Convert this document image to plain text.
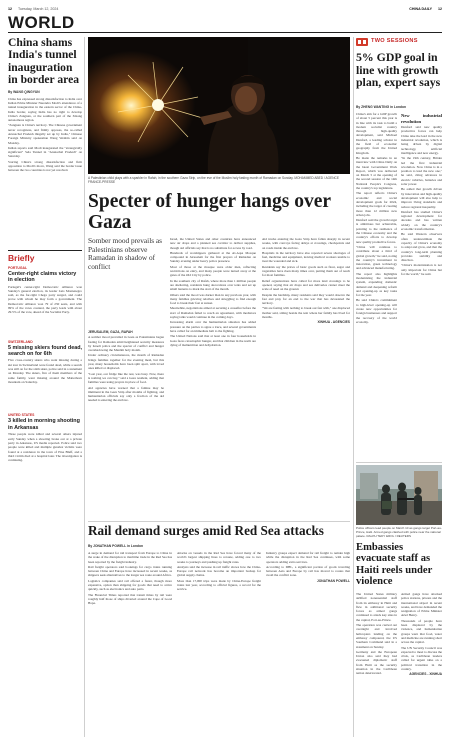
12 Tuesday, March 12, 2024	CHINA DAILY 12
WORLD
China shams India's tunnel inauguration in border area
By WANG QINGYUN

China has expressed strong dissatisfaction to India over Indian Prime Minister Narendra Modi's attendance of a tunnel inauguration in the eastern sector of the China-India border, saying India has no right to develop China's Zangnan, or the southern part of the Xizang autonomous region.

"Zangnan is China's territory. The Chinese government never recognizes, and firmly opposes, the so-called Arunachal Pradesh illegally set up by India," Chinese Foreign Ministry spokesman Wang Wenbin said on Monday.

Indian reports said Modi inaugurated the "strategically significant" Sela Tunnel in "Arunachal Pradesh" on Saturday.

Voicing China's strong dissatisfaction and firm opposition to Modi's move, Wang said the border issue between the two countries is not yet resolved.

Briefly
PORTUGAL
Center-right claims victory in election
Portugal's center-right Democratic Alliance won Sunday's general election, its leader Luis Montenegro said, as the far-right Chega party surged, and could prove with whom he may form a government. The Democratic Alliance won 79 of 230 seats, and with 99% of the votes counted, the party leads with about 29.5% of the vote, ahead of the Socialist Party.
SWITZERLAND
5 missing skiers found dead, search on for 6th
Five cross-country skiers who went missing during a ski tour in Switzerland were found dead, while a search was still on for the sixth skier, police said in a statement on Monday. The skiers, five of them members of the same family, went missing around the Matterhorn mountain on Saturday.
UNITED STATES
3 killed in morning shooting in Arkansas
Three people were killed and several others injured early Sunday when a shooting broke out at a private party in Arkansas, US media reported. Police said two people were killed and multiple gunshot victims were found at a residence in the town of Pine Bluff, and a third victim died at a hospital later. The investigation is continuing.
A Palestinian child plays with a sparkler in Rafah, in the southern Gaza Strip, on the eve of the Muslim holy fasting month of Ramadan on Sunday. MOHAMMED ABED / AGENCE FRANCE-PRESSE
Specter of hunger hangs over Gaza
Somber mood prevails as Palestinians observe Ramadan in shadow of conflict

JERUSALEM, GAZA, RAFAH

A somber mood prevailed in Gaza as Palestinians began fasting for Ramadan amid heightened security measures by Israeli police and the specter of conflict and hunger overshadowing the Muslim holy month.

Under ordinary circumstances, the month of Ramadan brings families together for the evening meal, but this year, many households have been split apart, with loved ones killed or displaced.

"Last year, our fridge like the rest, was busy. Now, there is nothing we can buy," said a Gaza resident, adding that families were using prayers in place of food.

Aid agencies have warned that a famine may be imminent in the Gaza Strip after months of fighting, and humanitarian officials say only a fraction of the aid needed is entering the enclave.

Israel, the United States and other countries have announced new air drops and a planned sea corridor to deliver supplies, though aid officials say that is no substitute for access by road.

Hundreds of worshippers gathered at the Al-Aqsa Mosque compound in Jerusalem for the first prayers of Ramadan on Sunday evening under heavy police presence.

Most of those at the mosque were older men, reflecting restrictions on entry, and many people were turned away at the gates of the Old City by police.

In the southern city of Rafah, where more than 1 million people are sheltering, residents hung decorations over tents and set up small lanterns to mark the start of the month.

Others said the mood was darker than in any previous year, with many families grieving relatives and struggling to find enough food to break their fast at sunset.

Meanwhile, negotiations aimed at securing a ceasefire before the start of Ramadan failed to reach an agreement, with mediators saying talks would continue in the coming days.

Increasing alarm over the humanitarian situation has added pressure on the parties to agree a truce, and several governments have called for an immediate halt to the fighting.

The United Nations said that at least one in four households in Gaza faces catastrophic hunger, and that children in the north are dying of malnutrition and dehydration.

Aid trucks entering the Gaza Strip have fallen sharply in recent weeks, with convoys facing delays at crossings, checkpoints and on roads inside the enclave.

Hospitals in the territory have also reported severe shortages of fuel, medicine and equipment, leaving medical workers unable to treat the wounded and sick.

Residents say the prices of basic goods such as flour, sugar and vegetables have risen many times over, putting them out of reach for most families.

Relief organizations have called for more land crossings to be opened, saying that air drops and sea deliveries cannot meet the scale of need on the ground.

Despite the hardship, many residents said they would observe the fast and pray for an end to the war that has devastated the territory.

"We are fasting with nothing to break our fast with," one displaced mother said, sitting beside the tent where her family has lived for months.

XINHUA - AGENCIES

Rail demand surges amid Red Sea attacks
By JONATHAN POWELL in London

A surge in demand for rail transport from Europe to China in the wake of the disruption to maritime trade in the Red Sea has been reported by the freight industry.

Rail freight operators said bookings for cargo trains running between China and Europe have increased in recent weeks, as shippers seek alternatives to the longer sea route around Africa.

Logistics companies said rail offered a faster, though more expensive, option than shipping for goods that need to arrive quickly, such as electronics and auto parts.

The Financial Times reported that transit times by rail were roughly half those of ships diverted around the Cape of Good Hope.

Attacks on vessels in the Red Sea have forced many of the world's largest shipping lines to reroute, adding one to two weeks to journeys and pushing up freight rates.

Analysts said the increase in rail traffic shows how the China-Europe rail network has become an important backup for global supply chains.

More than 17,000 trips were made by China-Europe freight trains last year, according to official figures, a record for the service.

Industry groups expect demand for rail freight to remain high while the disruption in the Red Sea continues, with some operators adding extra services.

According to DHL, a significant portion of goods traveling between Asia and Europe by rail has moved to routes that avoid the conflict zone.

JONATHAN POWELL

TWO SESSIONS
5% GDP goal in line with growth plan, expert says
By ZHENG WANTING in London

China's aim for a GDP growth of about 5 percent this year is in line with its task to build a modern socialist country through high-quality development, said Michael Dunford, a leading scholar in the field of economic geography from the United Kingdom.

He made the remarks in an interview with China Daily on the latest Government Work Report, which was delivered on March 5 at the opening of the second session of the 14th National People's Congress, the country's top legislature.

The report reflects China's economic and social development goals for 2024, including the target of creating more than 12 million new urban jobs.

Dunford said the growth target is ambitious but achievable, pointing to the resilience of the Chinese economy and the country's efforts to develop new quality productive forces.

"China will continue to contribute about a third of global growth," he said, noting the country's investment in innovation, green technology and advanced manufacturing.

The report also highlights modernizing the industrial system, expanding domestic demand and deepening reform and opening-up as key tasks for the year.

He said China's commitment to high-level opening-up will create new opportunities for foreign businesses and support the recovery of the world economy.

New industrial revolution

Dunford said new quality productive forces can help China take the lead in the new industrial revolution, which is being driven by digital technology, artificial intelligence and new energy.

"In the 19th century, Britain led the first industrial revolution. Now China is in a position to lead the new one," he said, citing advances in electric vehicles, batteries and solar power.

He added that growth driven by innovation and high-quality development will also help to improve living standards and reduce regional inequality.

Dunford has studied China's regional development for decades and has written widely on the country's economic transformation.

He said Western observers often underestimate the capacity of China's economy to adapt and grow, and that the country's long-term planning provides stability and direction.

"China's modernization is not only important for China but for the world," he said.

Police officers lead people on March 10 as gangs target Port-au-Prince, Haiti. Armed gangs clashed with police near the national palace. RALPH TEDY EROL / REUTERS
Embassies evacuate staff as Haiti reels under violence

The United States military airlifted nonessential staff from its embassy in Haiti and flew in additional security forces as armed gangs continued to attack key sites in the capital, Port-au-Prince.

The operation was carried out overnight and involved helicopters landing on the embassy compound, the US Southern Command said in a statement on Sunday.

Germany and the European Union also said they had evacuated diplomatic staff from Haiti as the security situation in the Caribbean nation deteriorated.

Armed gangs have attacked police stations, prisons and the international airport in recent weeks, and have demanded the resignation of Prime Minister Ariel Henry.

Thousands of people have been displaced by the violence, and humanitarian groups warn that food, water and medicine are running short across the capital.

The UN Security Council was expected to meet to discuss the crisis, as Caribbean leaders called for urgent talks on a political transition in the country.

AGENCIES - XINHUA
